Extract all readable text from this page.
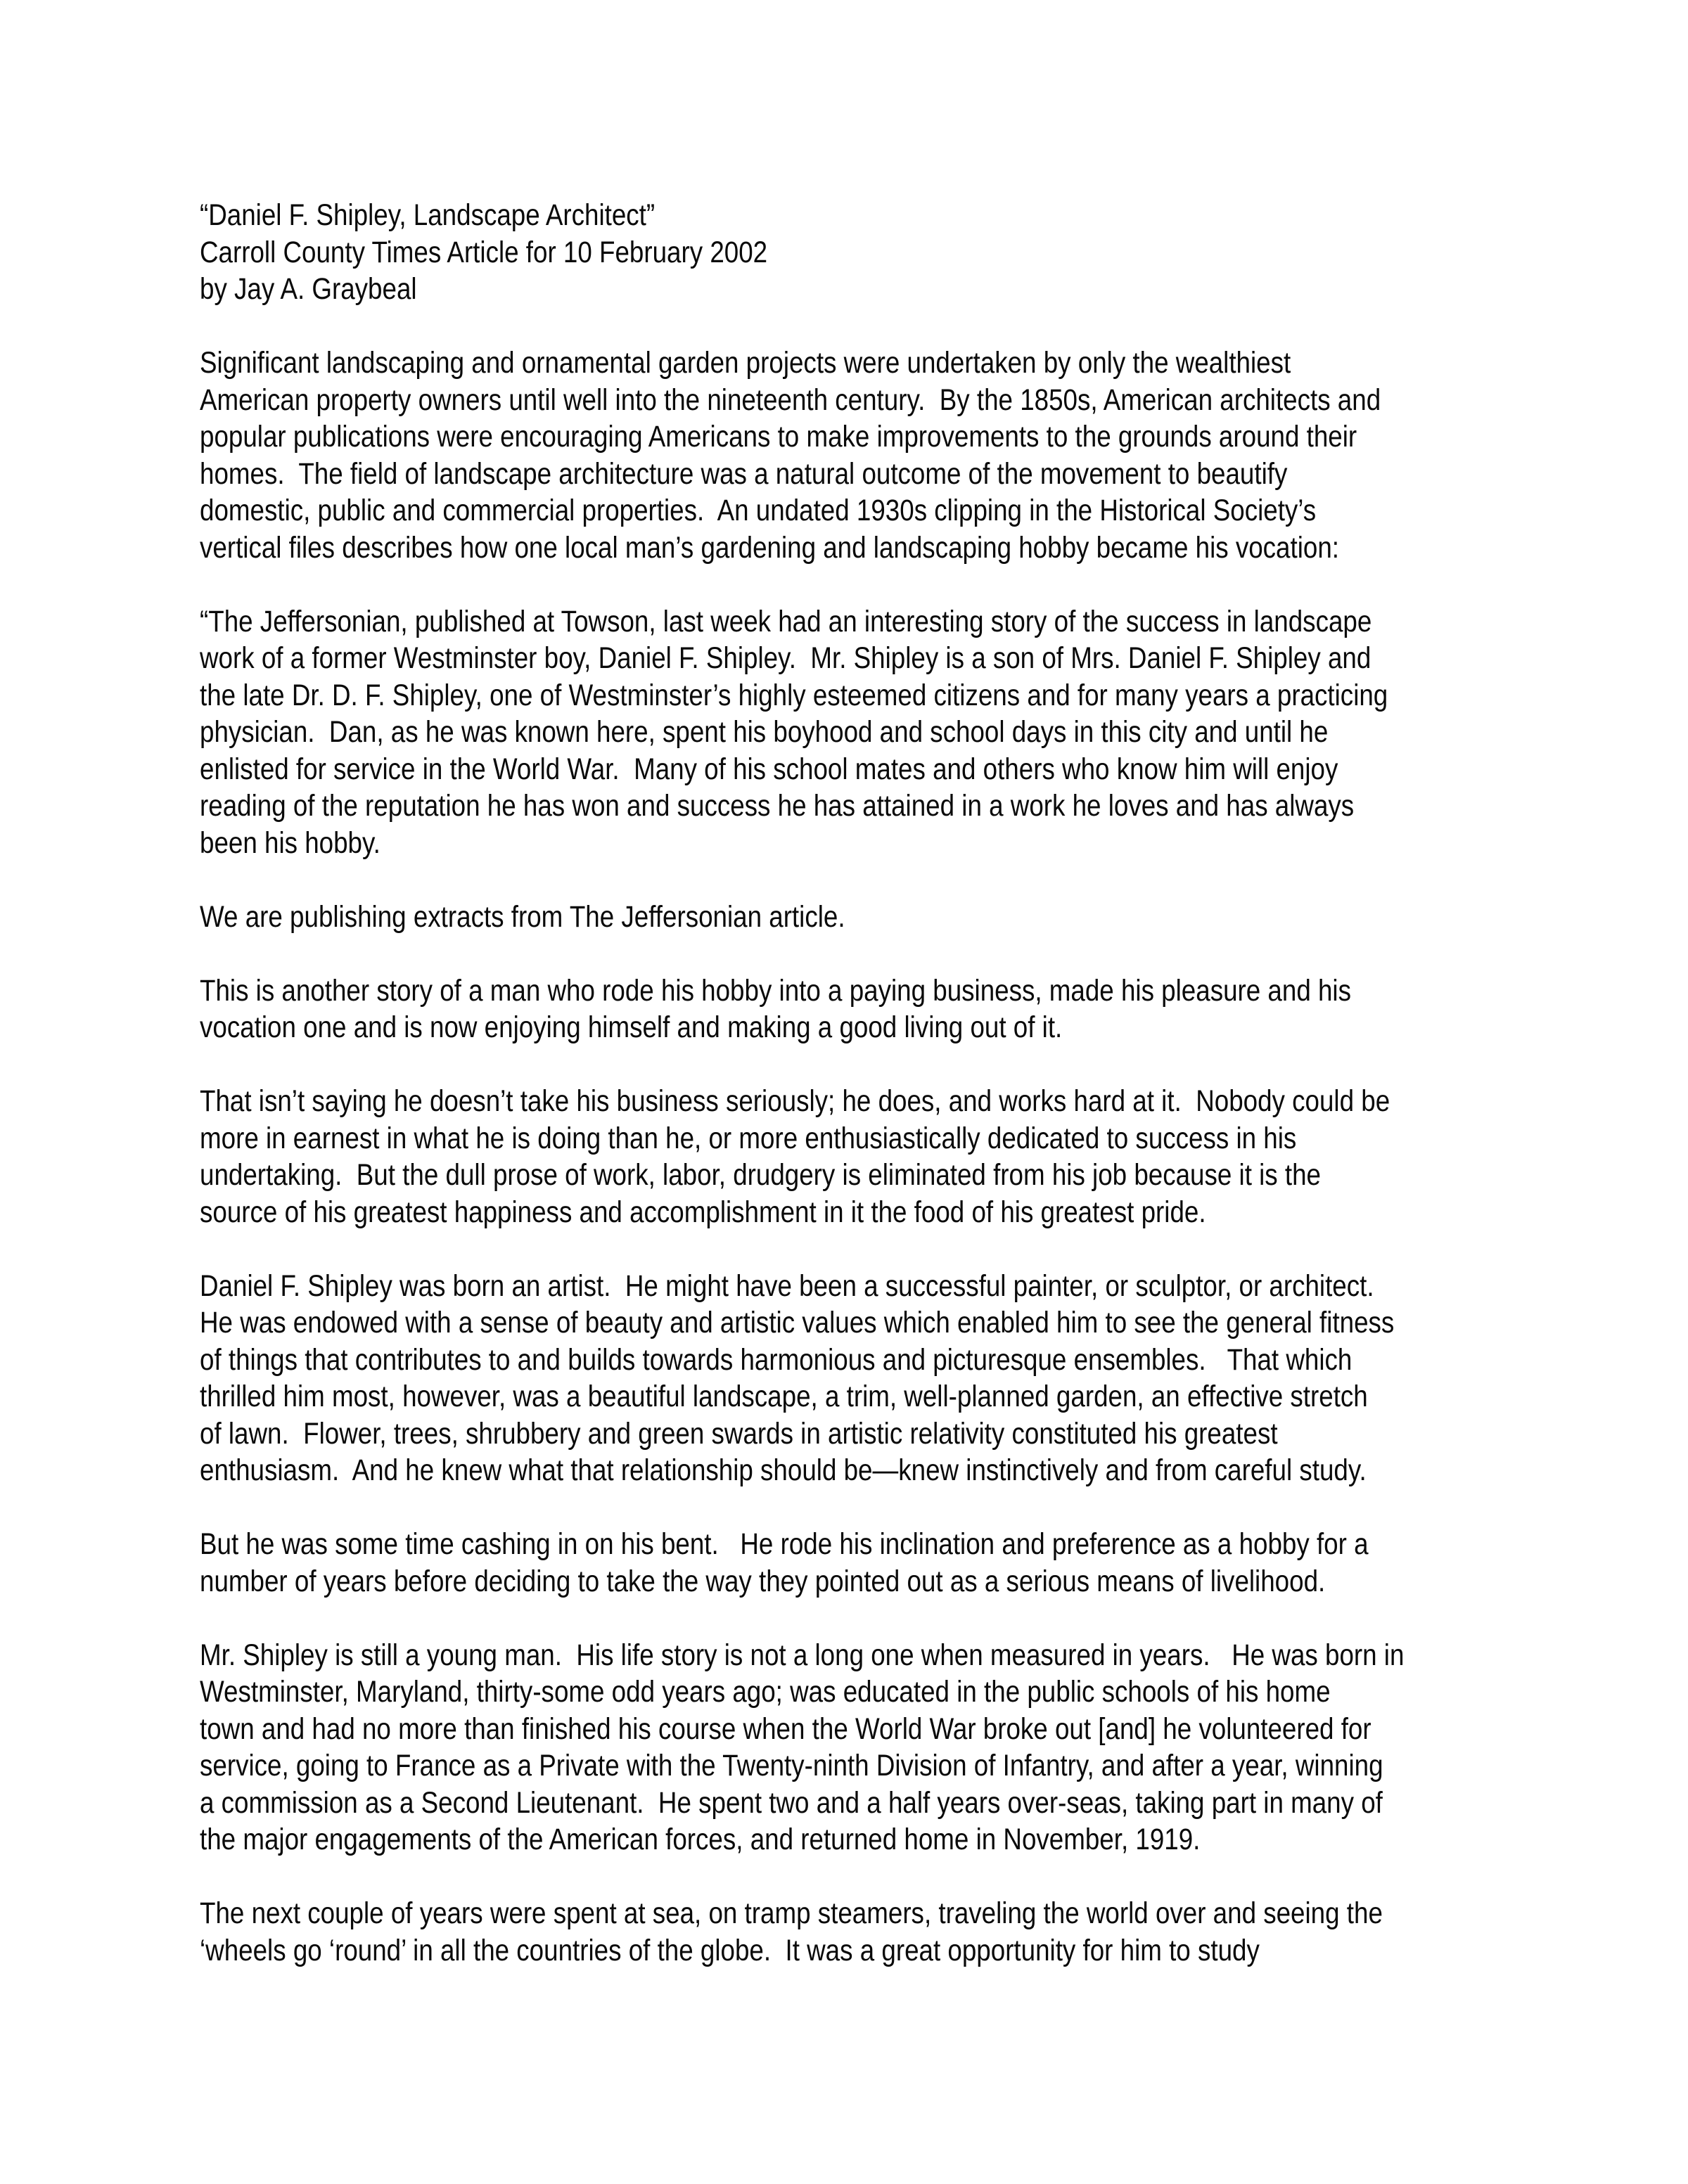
“Daniel F. Shipley, Landscape Architect”
Carroll County Times Article for 10 February 2002
by Jay A. Graybeal
Significant landscaping and ornamental garden projects were undertaken by only the wealthiest
American property owners until well into the nineteenth century.  By the 1850s, American architects and
popular publications were encouraging Americans to make improvements to the grounds around their
homes.  The field of landscape architecture was a natural outcome of the movement to beautify
domestic, public and commercial properties.  An undated 1930s clipping in the Historical Society’s
vertical files describes how one local man’s gardening and landscaping hobby became his vocation:
“The Jeffersonian, published at Towson, last week had an interesting story of the success in landscape
work of a former Westminster boy, Daniel F. Shipley.  Mr. Shipley is a son of Mrs. Daniel F. Shipley and
the late Dr. D. F. Shipley, one of Westminster’s highly esteemed citizens and for many years a practicing
physician.  Dan, as he was known here, spent his boyhood and school days in this city and until he
enlisted for service in the World War.  Many of his school mates and others who know him will enjoy
reading of the reputation he has won and success he has attained in a work he loves and has always
been his hobby.
We are publishing extracts from The Jeffersonian article.
This is another story of a man who rode his hobby into a paying business, made his pleasure and his
vocation one and is now enjoying himself and making a good living out of it.
That isn’t saying he doesn’t take his business seriously; he does, and works hard at it.  Nobody could be
more in earnest in what he is doing than he, or more enthusiastically dedicated to success in his
undertaking.  But the dull prose of work, labor, drudgery is eliminated from his job because it is the
source of his greatest happiness and accomplishment in it the food of his greatest pride.
Daniel F. Shipley was born an artist.  He might have been a successful painter, or sculptor, or architect.
He was endowed with a sense of beauty and artistic values which enabled him to see the general fitness
of things that contributes to and builds towards harmonious and picturesque ensembles.   That which
thrilled him most, however, was a beautiful landscape, a trim, well-planned garden, an effective stretch
of lawn.  Flower, trees, shrubbery and green swards in artistic relativity constituted his greatest
enthusiasm.  And he knew what that relationship should be—knew instinctively and from careful study.
But he was some time cashing in on his bent.   He rode his inclination and preference as a hobby for a
number of years before deciding to take the way they pointed out as a serious means of livelihood.
Mr. Shipley is still a young man.  His life story is not a long one when measured in years.   He was born in
Westminster, Maryland, thirty-some odd years ago; was educated in the public schools of his home
town and had no more than finished his course when the World War broke out [and] he volunteered for
service, going to France as a Private with the Twenty-ninth Division of Infantry, and after a year, winning
a commission as a Second Lieutenant.  He spent two and a half years over-seas, taking part in many of
the major engagements of the American forces, and returned home in November, 1919.
The next couple of years were spent at sea, on tramp steamers, traveling the world over and seeing the
‘wheels go ‘round’ in all the countries of the globe.  It was a great opportunity for him to study
